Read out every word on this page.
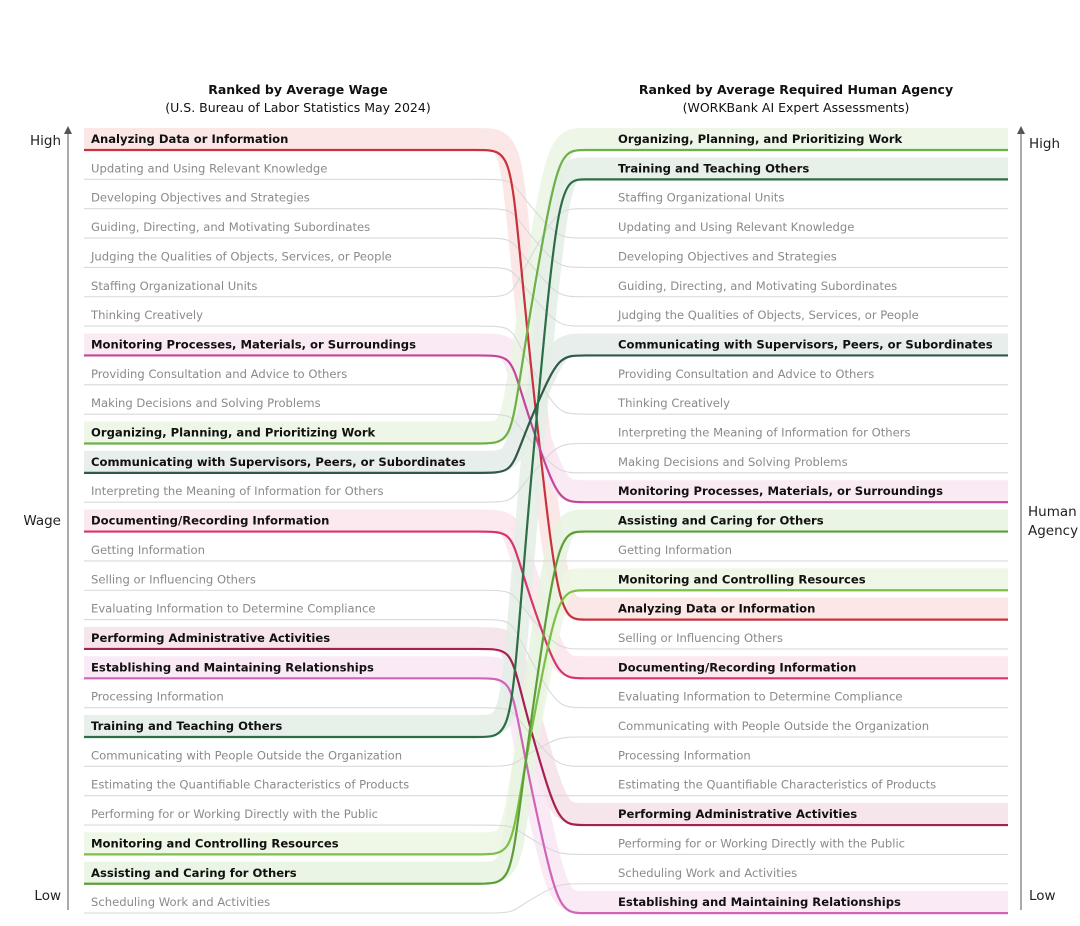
Ranked by Average Wage
(U.S. Bureau of Labor Statistics May 2024)
Ranked by Average Required Human Agency
(WORKBank AI Expert Assessments)
High
Wage
Low
High
Human
Agency
Low
Analyzing Data or Information
Updating and Using Relevant Knowledge
Developing Objectives and Strategies
Guiding, Directing, and Motivating Subordinates
Judging the Qualities of Objects, Services, or People
Staffing Organizational Units
Thinking Creatively
Monitoring Processes, Materials, or Surroundings
Providing Consultation and Advice to Others
Making Decisions and Solving Problems
Organizing, Planning, and Prioritizing Work
Communicating with Supervisors, Peers, or Subordinates
Interpreting the Meaning of Information for Others
Documenting/Recording Information
Getting Information
Selling or Influencing Others
Evaluating Information to Determine Compliance
Performing Administrative Activities
Establishing and Maintaining Relationships
Processing Information
Training and Teaching Others
Communicating with People Outside the Organization
Estimating the Quantifiable Characteristics of Products
Performing for or Working Directly with the Public
Monitoring and Controlling Resources
Assisting and Caring for Others
Scheduling Work and Activities
Organizing, Planning, and Prioritizing Work
Training and Teaching Others
Staffing Organizational Units
Updating and Using Relevant Knowledge
Developing Objectives and Strategies
Guiding, Directing, and Motivating Subordinates
Judging the Qualities of Objects, Services, or People
Communicating with Supervisors, Peers, or Subordinates
Providing Consultation and Advice to Others
Thinking Creatively
Interpreting the Meaning of Information for Others
Making Decisions and Solving Problems
Monitoring Processes, Materials, or Surroundings
Assisting and Caring for Others
Getting Information
Monitoring and Controlling Resources
Analyzing Data or Information
Selling or Influencing Others
Documenting/Recording Information
Evaluating Information to Determine Compliance
Communicating with People Outside the Organization
Processing Information
Estimating the Quantifiable Characteristics of Products
Performing Administrative Activities
Performing for or Working Directly with the Public
Scheduling Work and Activities
Establishing and Maintaining Relationships
